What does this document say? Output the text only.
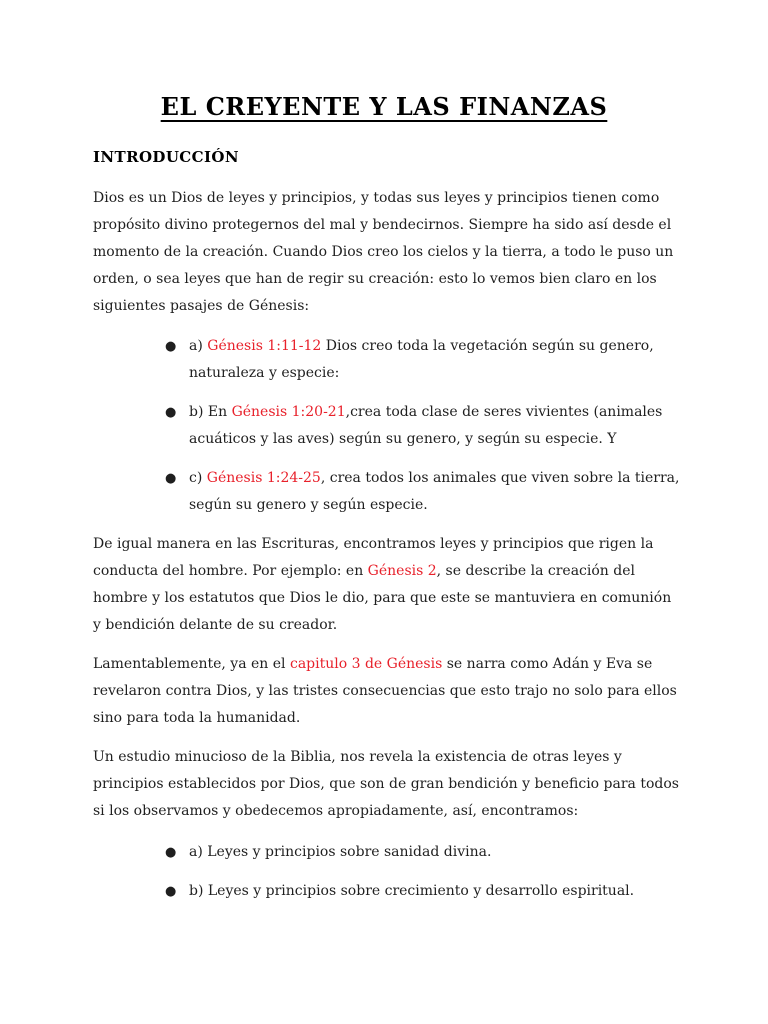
EL CREYENTE Y LAS FINANZAS
INTRODUCCIÓN
Dios es un Dios de leyes y principios, y todas sus leyes y principios tienen como propósito divino protegernos del mal y bendecirnos. Siempre ha sido así desde el momento de la creación. Cuando Dios creo los cielos y la tierra, a todo le puso un orden, o sea leyes que han de regir su creación: esto lo vemos bien claro en los siguientes pasajes de Génesis:
● a) Génesis 1:11-12 Dios creo toda la vegetación según su genero, naturaleza y especie:
● b) En Génesis 1:20-21,crea toda clase de seres vivientes (animales acuáticos y las aves) según su genero, y según su especie. Y
● c) Génesis 1:24-25, crea todos los animales que viven sobre la tierra, según su genero y según especie.
De igual manera en las Escrituras, encontramos leyes y principios que rigen la conducta del hombre. Por ejemplo: en Génesis 2, se describe la creación del hombre y los estatutos que Dios le dio, para que este se mantuviera en comunión y bendición delante de su creador.
Lamentablemente, ya en el capitulo 3 de Génesis se narra como Adán y Eva se revelaron contra Dios, y las tristes consecuencias que esto trajo no solo para ellos sino para toda la humanidad.
Un estudio minucioso de la Biblia, nos revela la existencia de otras leyes y principios establecidos por Dios, que son de gran bendición y beneficio para todos si los observamos y obedecemos apropiadamente, así, encontramos:
● a) Leyes y principios sobre sanidad divina.
● b) Leyes y principios sobre crecimiento y desarrollo espiritual.
